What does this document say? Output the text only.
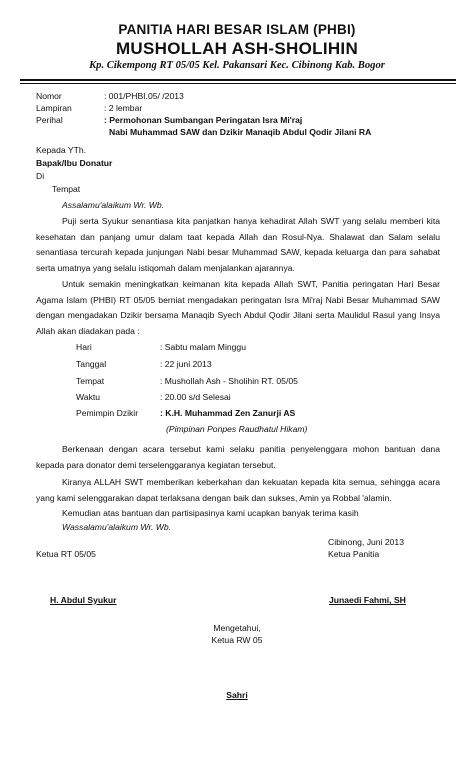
PANITIA HARI BESAR ISLAM (PHBI)
MUSHOLLAH ASH-SHOLIHIN
Kp. Cikempong RT 05/05 Kel. Pakansari Kec. Cibinong Kab. Bogor
Nomor	: 001/PHBI.05/ /2013
Lampiran	: 2 lembar
Perihal	: Permohonan Sumbangan Peringatan Isra Mi'raj
Nabi Muhammad SAW dan Dzikir Manaqib Abdul Qodir Jilani RA
Kepada YTh.
Bapak/Ibu Donatur
Di
Tempat
Assalamu'alaikum Wr. Wb.

Puji serta Syukur senantiasa kita panjatkan hanya kehadirat Allah SWT yang selalu memberi kita kesehatan dan panjang umur dalam taat kepada Allah dan Rosul-Nya. Shalawat dan Salam selalu senantiasa tercurah kepada junjungan Nabi besar Muhammad SAW, kepada keluarga dan para sahabat serta umatnya yang selalu istiqomah dalam menjalankan ajarannya.

Untuk semakin meningkatkan keimanan kita kepada Allah SWT, Panitia peringatan Hari Besar Agama Islam (PHBI) RT 05/05 berniat mengadakan peringatan Isra Mi'raj Nabi Besar Muhammad SAW dengan mengadakan Dzikir bersama Manaqib Syech Abdul Qodir Jilani serta Maulidul Rasul yang Insya Allah akan diadakan pada :

Hari	: Sabtu malam Minggu
Tanggal	: 22 juni 2013
Tempat	: Mushollah Ash - Sholihin RT. 05/05
Waktu	: 20.00 s/d Selesai
Pemimpin Dzikir	: K.H. Muhammad Zen Zanurji AS
(Pimpinan Ponpes Raudhatul Hikam)

Berkenaan dengan acara tersebut kami selaku panitia penyelenggara mohon bantuan dana kepada para donator demi terselenggaranya kegiatan tersebut.

Kiranya ALLAH SWT memberikan keberkahan dan kekuatan kepada kita semua, sehingga acara yang kami selenggarakan dapat terlaksana dengan baik dan sukses, Amin ya Robbal 'alamin.

Kemudian atas bantuan dan partisipasinya kami ucapkan banyak terima kasih
Wassalamu'alaikum Wr. Wb.
Cibinong, Juni 2013
Ketua RT 05/05	Ketua Panitia
H. Abdul Syukur	Junaedi Fahmi, SH
Mengetahui,
Ketua RW 05
Sahri
